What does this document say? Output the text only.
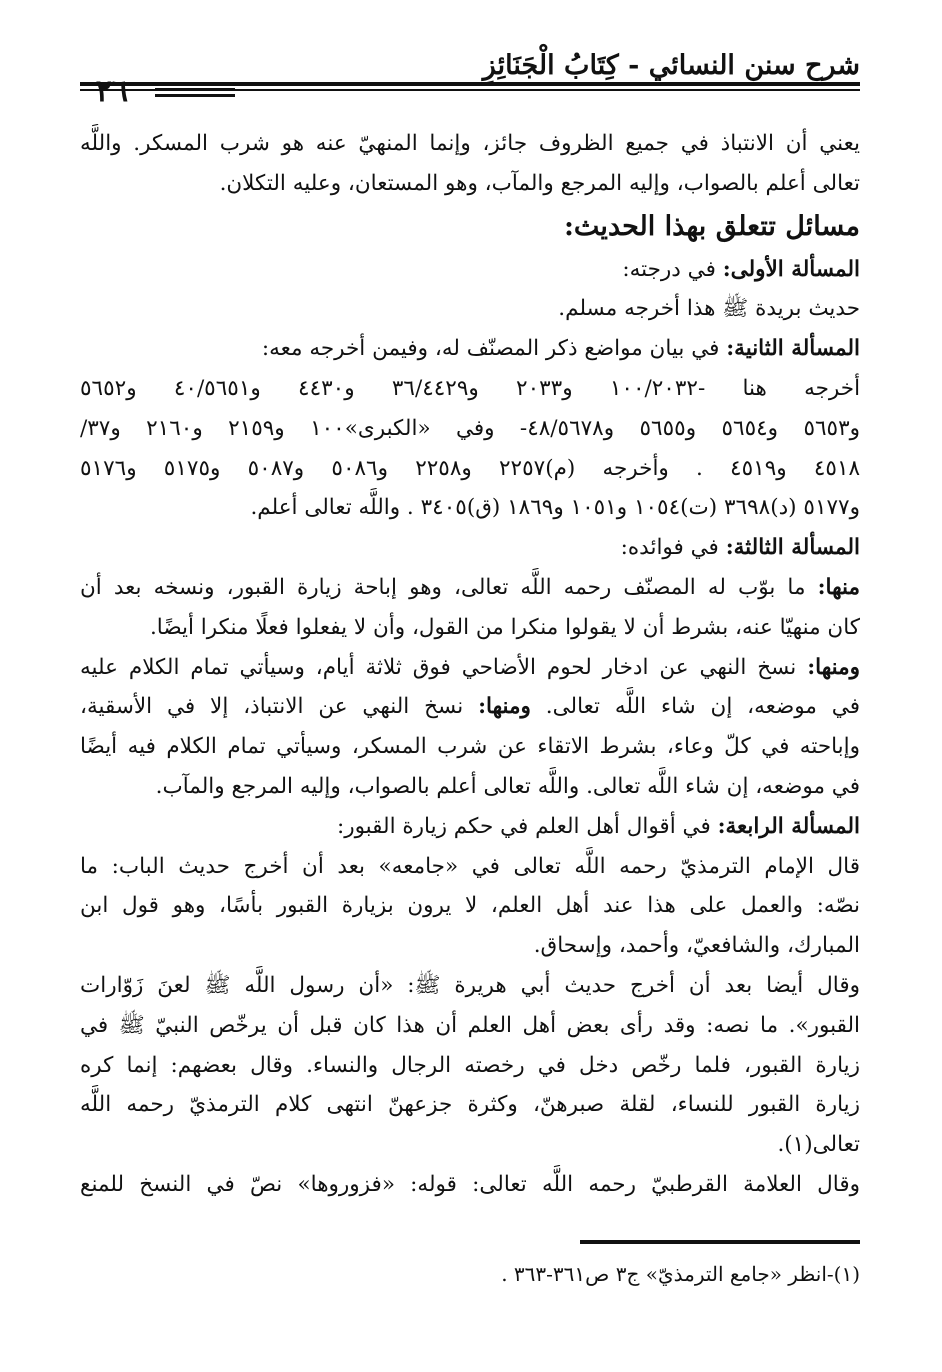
٢٦
شرح سنن النسائي - كِتَابُ الْجَنَائِزِ
يعني أن الانتباذ في جميع الظروف جائز، وإنما المنهيّ عنه هو شرب المسكر. واللَّه
تعالى أعلم بالصواب، وإليه المرجع والمآب، وهو المستعان، وعليه التكلان.
مسائل تتعلق بهذا الحديث:
المسألة الأولى: في درجته:
حديث بريدة ﷺ هذا أخرجه مسلم.
المسألة الثانية: في بيان مواضع ذكر المصنّف له، وفيمن أخرجه معه:
أخرجه هنا -١٠٠/٢٠٣٢ و٢٠٣٣ و٣٦/٤٤٢٩ و٤٤٣٠ و٤٠/٥٦٥١ و٥٦٥٢
و٥٦٥٣ و٥٦٥٤ و٥٦٥٥ و٤٨/٥٦٧٨- وفي «الكبرى»١٠٠ و٢١٥٩ و٢١٦٠ و٣٧/
٤٥١٨ و٤٥١٩ . وأخرجه (م)٢٢٥٧ و٢٢٥٨ و٥٠٨٦ و٥٠٨٧ و٥١٧٥ و٥١٧٦
و٥١٧٧ (د)٣٦٩٨ (ت)١٠٥٤ و١٠٥١ و١٨٦٩ (ق)٣٤٠٥ . واللَّه تعالى أعلم.
المسألة الثالثة: في فوائده:
منها: ما بوّب له المصنّف رحمه اللَّه تعالى، وهو إباحة زيارة القبور، ونسخه بعد أن
كان منهيّا عنه، بشرط أن لا يقولوا منكرا من القول، وأن لا يفعلوا فعلًا منكرا أيضًا.
ومنها: نسخ النهي عن ادخار لحوم الأضاحي فوق ثلاثة أيام، وسيأتي تمام الكلام عليه
في موضعه، إن شاء اللَّه تعالى. ومنها: نسخ النهي عن الانتباذ، إلا في الأسقية،
وإباحته في كلّ وعاء، بشرط الاتقاء عن شرب المسكر، وسيأتي تمام الكلام فيه أيضًا
في موضعه، إن شاء اللَّه تعالى. واللَّه تعالى أعلم بالصواب، وإليه المرجع والمآب.
المسألة الرابعة: في أقوال أهل العلم في حكم زيارة القبور:
قال الإمام الترمذيّ رحمه اللَّه تعالى في «جامعه» بعد أن أخرج حديث الباب: ما
نصّه: والعمل على هذا عند أهل العلم، لا يرون بزيارة القبور بأسًا، وهو قول ابن
المبارك، والشافعيّ، وأحمد، وإسحاق.
وقال أيضا بعد أن أخرج حديث أبي هريرة ﷺ: «أن رسول اللَّه ﷺ لعنَ زَوّارات
القبور». ما نصه: وقد رأى بعض أهل العلم أن هذا كان قبل أن يرخّص النبيّ ﷺ في
زيارة القبور، فلما رخّص دخل في رخصته الرجال والنساء. وقال بعضهم: إنما كره
زيارة القبور للنساء، لقلة صبرهنّ، وكثرة جزعهنّ انتهى كلام الترمذيّ رحمه اللَّه
تعالى(١).
وقال العلامة القرطبيّ رحمه اللَّه تعالى: قوله: «فزوروها» نصّ في النسخ للمنع
(١)-انظر «جامع الترمذيّ» ج٣ ص٣٦١-٣٦٣ .
